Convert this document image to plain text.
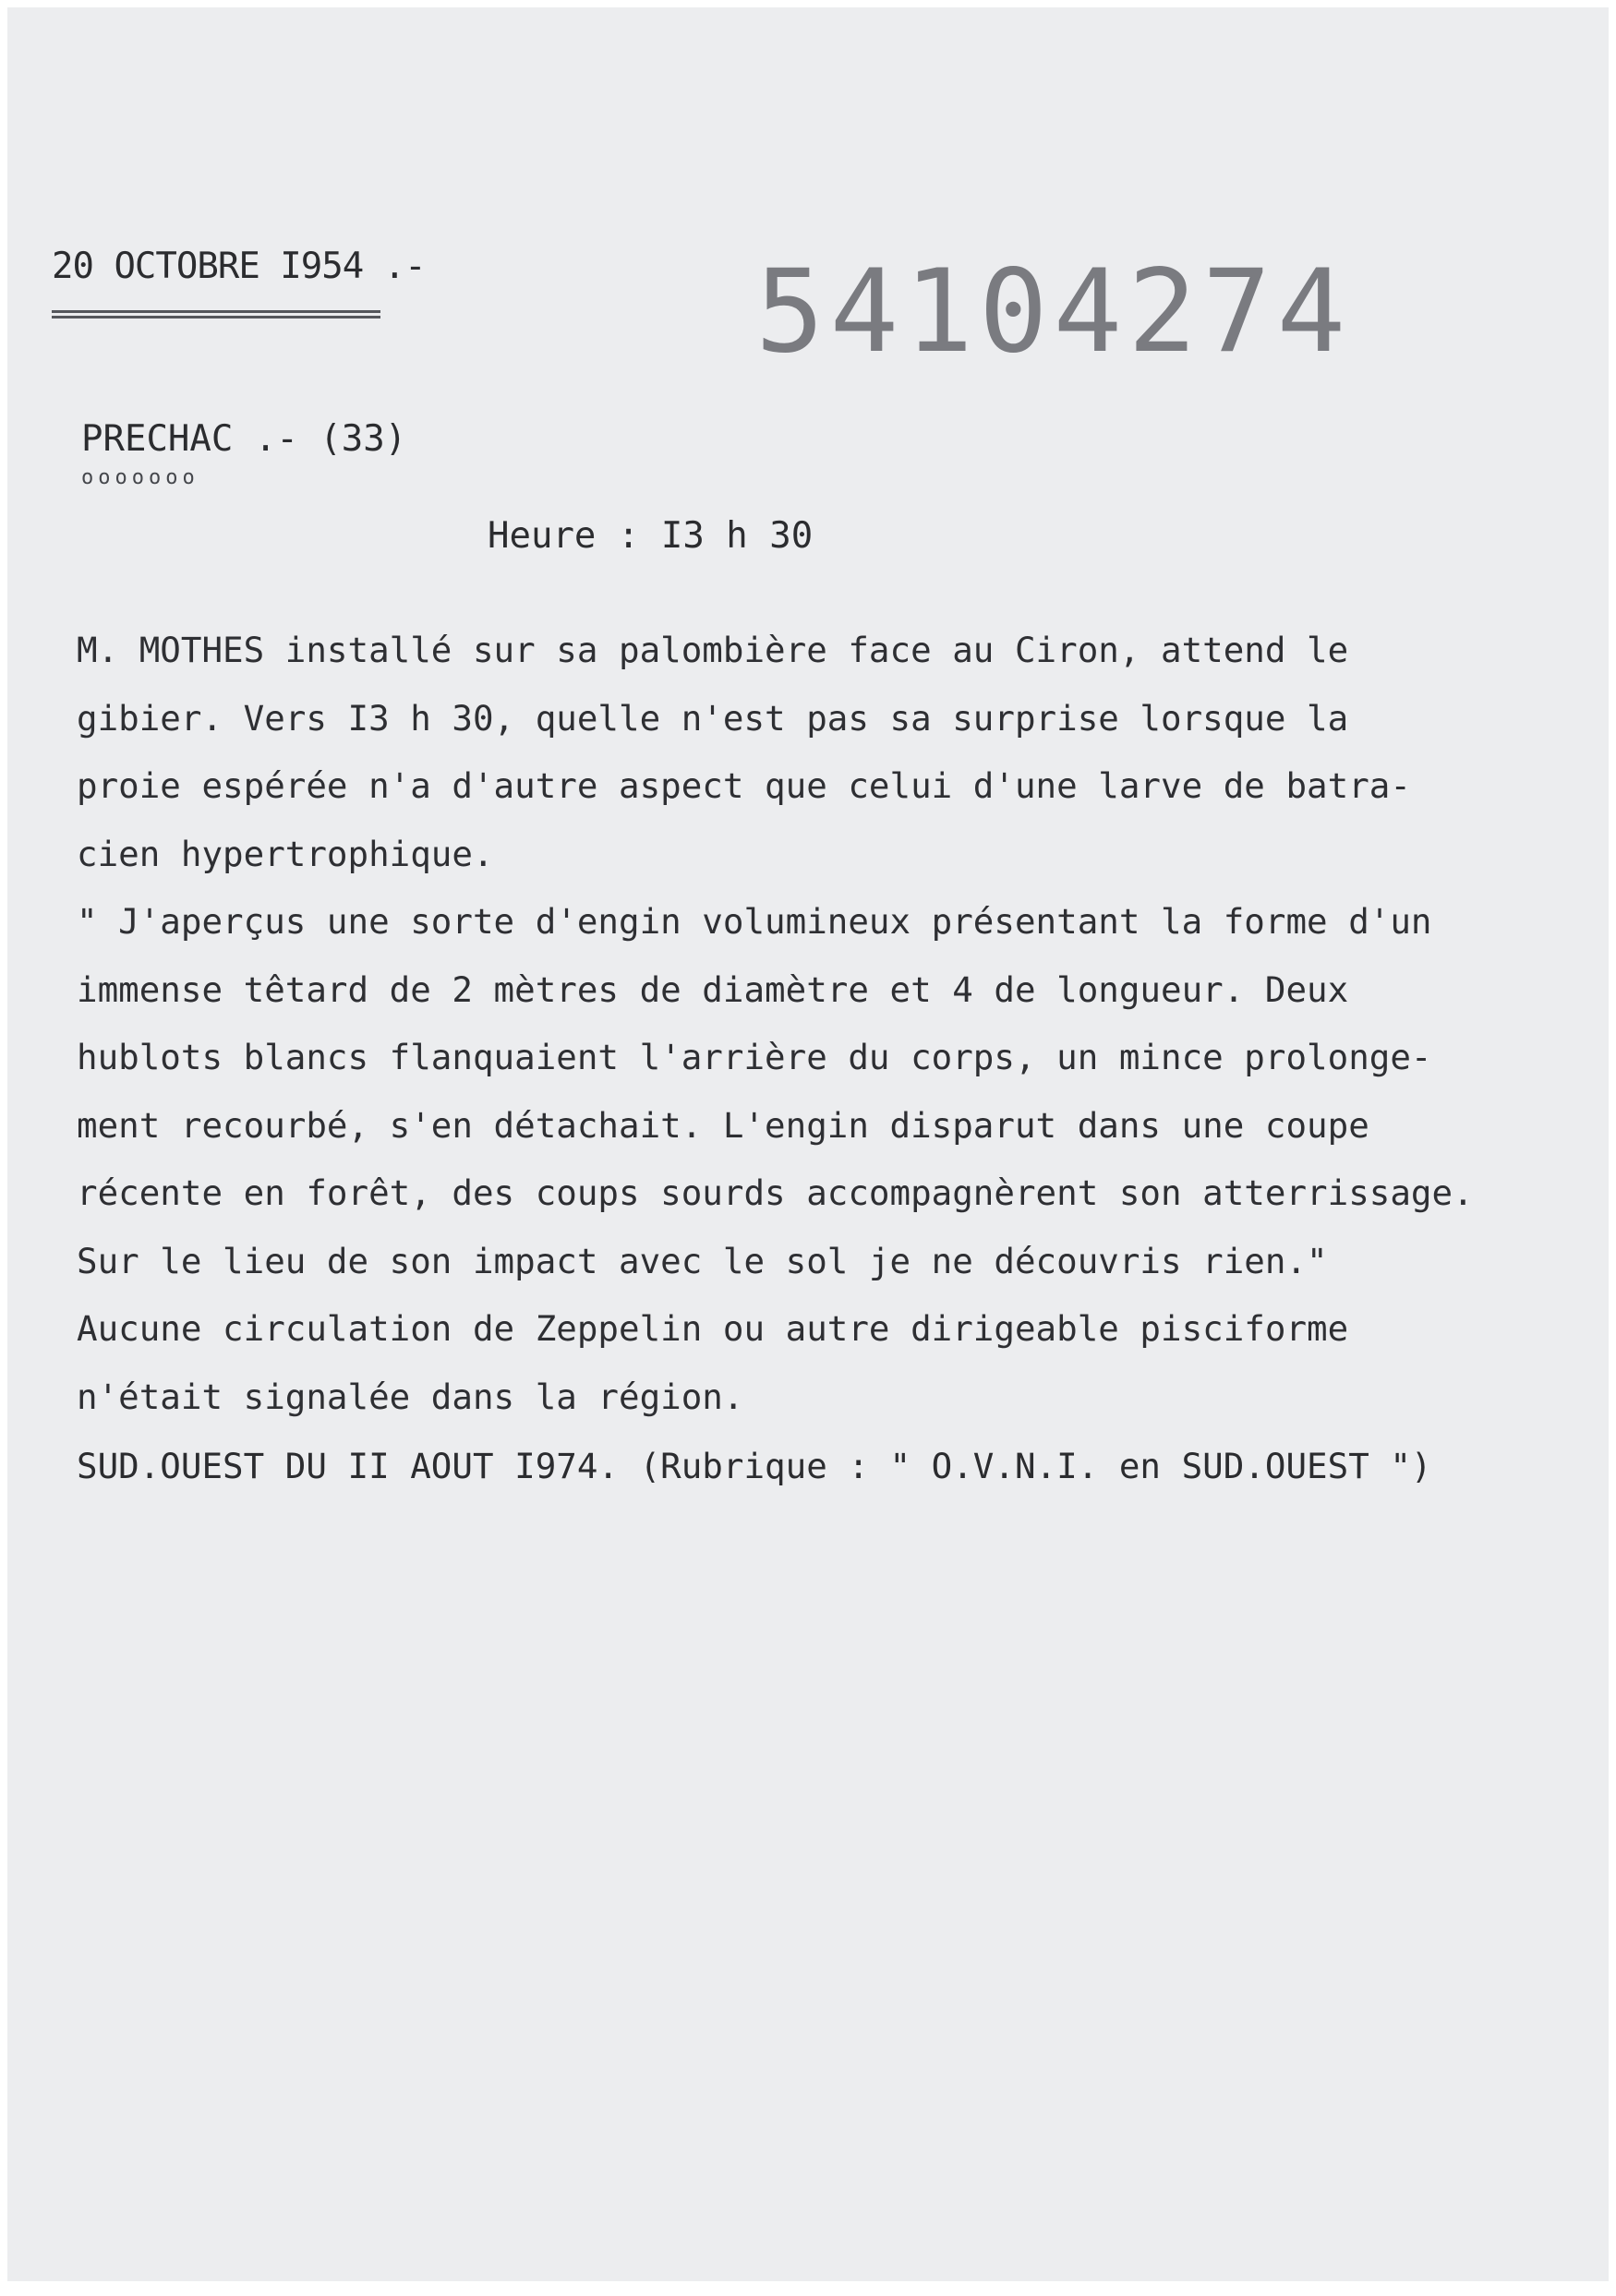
20 OCTOBRE I954 .-	54104274
PRECHAC .- (33)
ooooooo
Heure : I3 h 30
M. MOTHES installé sur sa palombière face au Ciron, attend le
gibier. Vers I3 h 30, quelle n'est pas sa surprise lorsque la
proie espérée n'a d'autre aspect que celui d'une larve de batra-
cien hypertrophique.
" J'aperçus une sorte d'engin volumineux présentant la forme d'un
immense têtard de 2 mètres de diamètre et 4 de longueur. Deux
hublots blancs flanquaient l'arrière du corps, un mince prolonge-
ment recourbé, s'en détachait. L'engin disparut dans une coupe
récente en forêt, des coups sourds accompagnèrent son atterrissage.
Sur le lieu de son impact avec le sol je ne découvris rien."
Aucune circulation de Zeppelin ou autre dirigeable pisciforme
n'était signalée dans la région.
SUD.OUEST DU II AOUT I974. (Rubrique : " O.V.N.I. en SUD.OUEST ")
